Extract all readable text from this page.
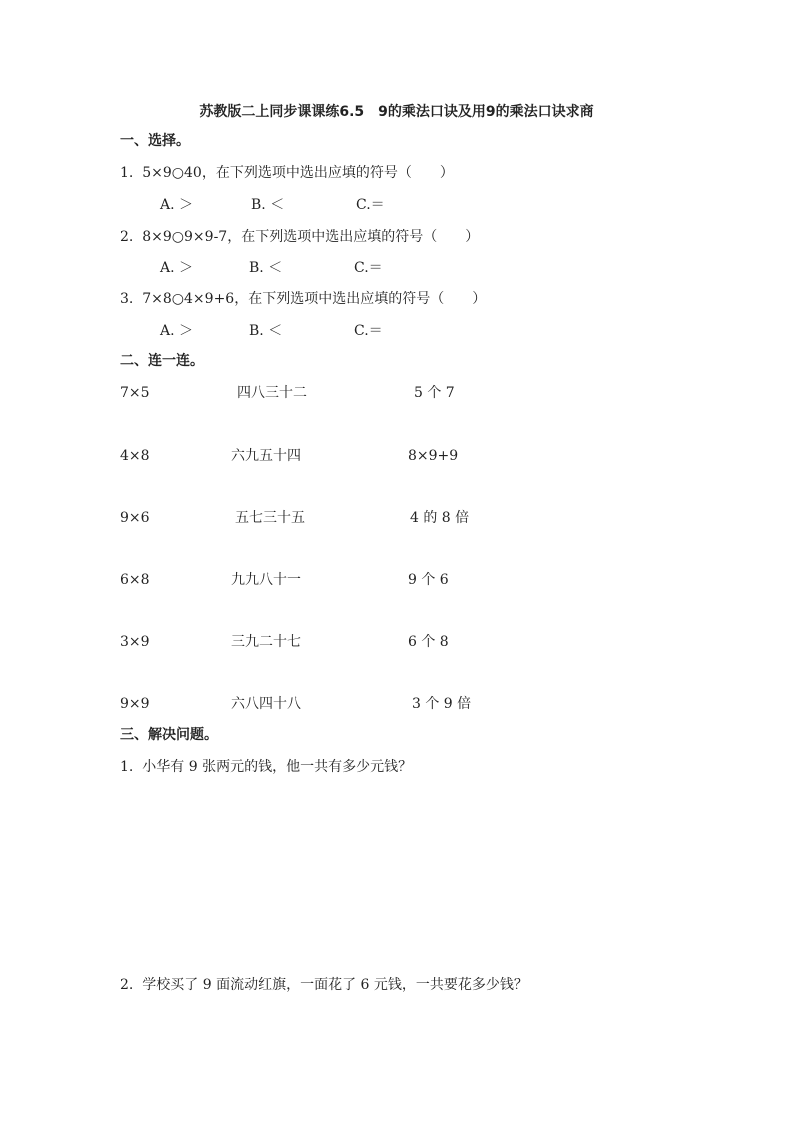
苏教版二上同步课课练6.5　9的乘法口诀及用9的乘法口诀求商
一、选择。
1.  5×9○40，在下列选项中选出应填的符号（　　）
A. ＞	B. ＜	C.＝
2.  8×9○9×9-7，在下列选项中选出应填的符号（　　）
A. ＞	B. ＜	C.＝
3.  7×8○4×9+6，在下列选项中选出应填的符号（　　）
A. ＞	B. ＜	C.＝
二、连一连。
7×5	四八三十二	5 个 7
4×8	六九五十四	8×9+9
9×6	五七三十五	4 的 8 倍
6×8	九九八十一	9 个 6
3×9	三九二十七	6 个 8
9×9	六八四十八	3 个 9 倍
三、解决问题。
1.  小华有 9 张两元的钱，他一共有多少元钱？
2.  学校买了 9 面流动红旗，一面花了 6 元钱，一共要花多少钱？
